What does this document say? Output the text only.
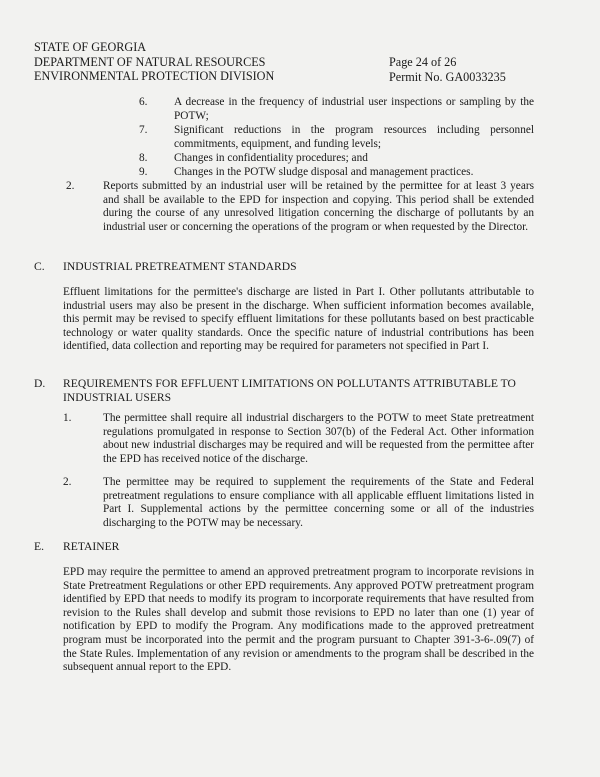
STATE OF GEORGIA
DEPARTMENT OF NATURAL RESOURCES
ENVIRONMENTAL PROTECTION DIVISION
Page 24 of 26
Permit No. GA0033235
6.	A decrease in the frequency of industrial user inspections or sampling by the POTW;
7.	Significant reductions in the program resources including personnel commitments, equipment, and funding levels;
8.	Changes in confidentiality procedures; and
9.	Changes in the POTW sludge disposal and management practices.
2.	Reports submitted by an industrial user will be retained by the permittee for at least 3 years and shall be available to the EPD for inspection and copying. This period shall be extended during the course of any unresolved litigation concerning the discharge of pollutants by an industrial user or concerning the operations of the program or when requested by the Director.
C.	INDUSTRIAL PRETREATMENT STANDARDS
Effluent limitations for the permittee's discharge are listed in Part I. Other pollutants attributable to industrial users may also be present in the discharge. When sufficient information becomes available, this permit may be revised to specify effluent limitations for these pollutants based on best practicable technology or water quality standards. Once the specific nature of industrial contributions has been identified, data collection and reporting may be required for parameters not specified in Part I.
D.	REQUIREMENTS FOR EFFLUENT LIMITATIONS ON POLLUTANTS ATTRIBUTABLE TO INDUSTRIAL USERS
1.	The permittee shall require all industrial dischargers to the POTW to meet State pretreatment regulations promulgated in response to Section 307(b) of the Federal Act. Other information about new industrial discharges may be required and will be requested from the permittee after the EPD has received notice of the discharge.
2.	The permittee may be required to supplement the requirements of the State and Federal pretreatment regulations to ensure compliance with all applicable effluent limitations listed in Part I. Supplemental actions by the permittee concerning some or all of the industries discharging to the POTW may be necessary.
E.	RETAINER
EPD may require the permittee to amend an approved pretreatment program to incorporate revisions in State Pretreatment Regulations or other EPD requirements. Any approved POTW pretreatment program identified by EPD that needs to modify its program to incorporate requirements that have resulted from revision to the Rules shall develop and submit those revisions to EPD no later than one (1) year of notification by EPD to modify the Program. Any modifications made to the approved pretreatment program must be incorporated into the permit and the program pursuant to Chapter 391-3-6-.09(7) of the State Rules. Implementation of any revision or amendments to the program shall be described in the subsequent annual report to the EPD.
